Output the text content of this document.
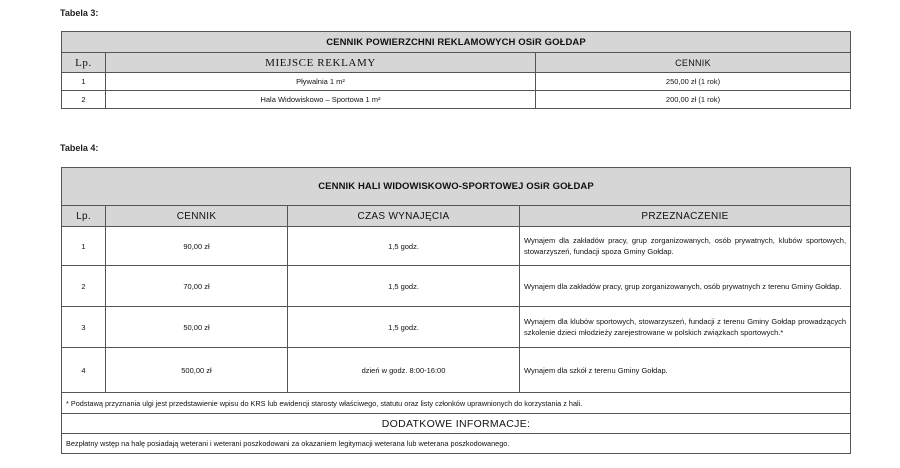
Tabela 3:
CENNIK POWIERZCHNI REKLAMOWYCH OSiR GOŁDAP		
Lp.	MIEJSCE REKLAMY	CENNIK
1	Pływalnia 1 m²	250,00 zł (1 rok)
2	Hala Widowiskowo – Sportowa 1 m²	200,00 zł (1 rok)
Tabela 4:
CENNIK HALI WIDOWISKOWO-SPORTOWEJ OSiR GOŁDAP			
Lp.	CENNIK	CZAS WYNAJĘCIA	PRZEZNACZENIE
1	90,00 zł	1,5 godz.	Wynajem dla zakładów pracy, grup zorganizowanych, osób prywatnych, klubów sportowych, stowarzyszeń, fundacji spoza Gminy Gołdap.
2	70,00 zł	1,5 godz.	Wynajem dla zakładów pracy, grup zorganizowanych, osób prywatnych z terenu Gminy Gołdap.
3	50,00 zł	1,5 godz.	Wynajem dla klubów sportowych, stowarzyszeń, fundacji z terenu Gminy Gołdap prowadzących szkolenie dzieci młodzieży zarejestrowane w polskich związkach sportowych.*
4	500,00 zł	dzień w godz. 8:00-16:00	Wynajem dla szkół z terenu Gminy Gołdap.
* Podstawą przyznania ulgi jest przedstawienie wpisu do KRS lub ewidencji starosty właściwego, statutu oraz listy członków uprawnionych do korzystania z hali.			
DODATKOWE INFORMACJE:			
Bezpłatny wstęp na halę posiadają weterani i weterani poszkodowani za okazaniem legitymacji weterana lub weterana poszkodowanego.			
